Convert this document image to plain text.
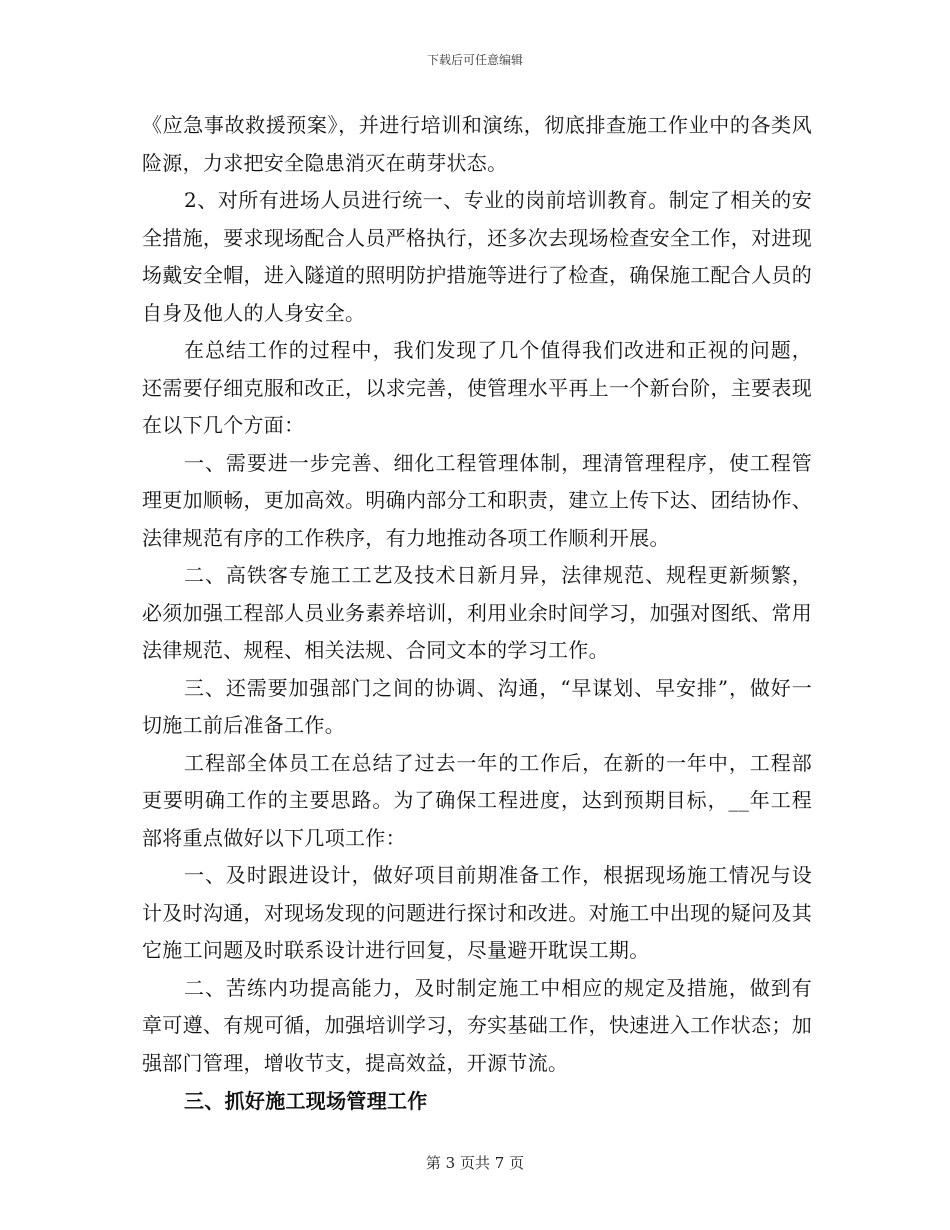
下载后可任意编辑

《应急事故救援预案》，并进行培训和演练，彻底排查施工作业中的各类风险源，力求把安全隐患消灭在萌芽状态。

2、对所有进场人员进行统一、专业的岗前培训教育。制定了相关的安全措施，要求现场配合人员严格执行，还多次去现场检查安全工作，对进现场戴安全帽，进入隧道的照明防护措施等进行了检查，确保施工配合人员的自身及他人的人身安全。

在总结工作的过程中，我们发现了几个值得我们改进和正视的问题，还需要仔细克服和改正，以求完善，使管理水平再上一个新台阶，主要表现在以下几个方面：

一、需要进一步完善、细化工程管理体制，理清管理程序，使工程管理更加顺畅，更加高效。明确内部分工和职责，建立上传下达、团结协作、法律规范有序的工作秩序，有力地推动各项工作顺利开展。

二、高铁客专施工工艺及技术日新月异，法律规范、规程更新频繁，必须加强工程部人员业务素养培训，利用业余时间学习，加强对图纸、常用法律规范、规程、相关法规、合同文本的学习工作。

三、还需要加强部门之间的协调、沟通，“早谋划、早安排”，做好一切施工前后准备工作。

工程部全体员工在总结了过去一年的工作后，在新的一年中，工程部更要明确工作的主要思路。为了确保工程进度，达到预期目标，__年工程部将重点做好以下几项工作：

一、及时跟进设计，做好项目前期准备工作，根据现场施工情况与设计及时沟通，对现场发现的问题进行探讨和改进。对施工中出现的疑问及其它施工问题及时联系设计进行回复，尽量避开耽误工期。

二、苦练内功提高能力，及时制定施工中相应的规定及措施，做到有章可遵、有规可循，加强培训学习，夯实基础工作，快速进入工作状态；加强部门管理，增收节支，提高效益，开源节流。

三、抓好施工现场管理工作

第 3 页共 7 页
